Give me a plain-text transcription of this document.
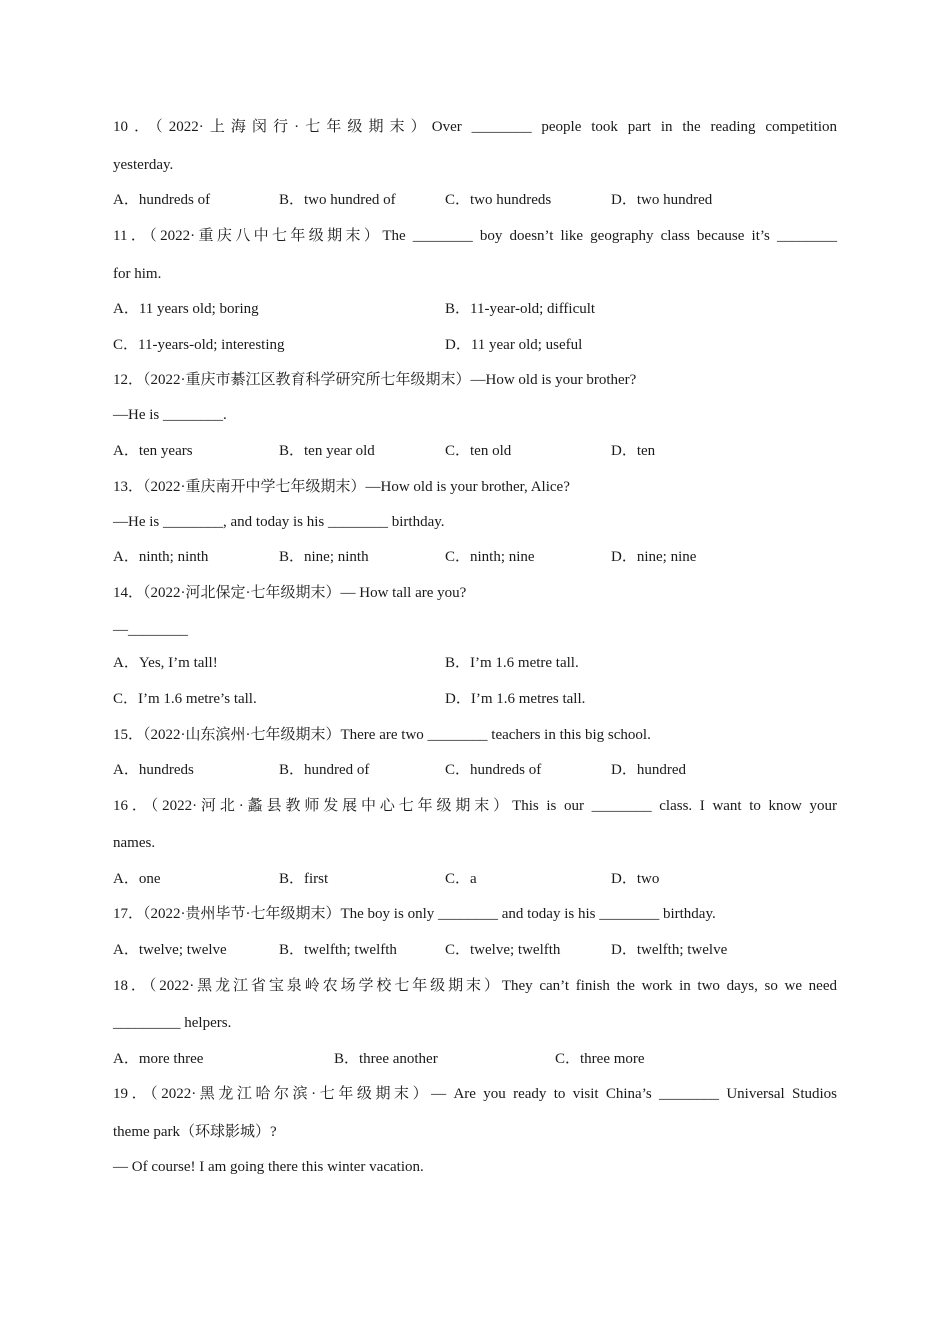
10．（2022·上海闵行·七年级期末）Over ________ people took part in the reading competition
yesterday.
A．hundreds of	B．two hundred of	C．two hundreds	D．two hundred
11．（2022·重庆八中七年级期末）The ________ boy doesn’t like geography class because it’s ________
for him.
A．11 years old; boring	B．11-year-old; difficult
C．11-years-old; interesting	D．11 year old; useful
12．（2022·重庆市綦江区教育科学研究所七年级期末）—How old is your brother?
—He is ________.
A．ten years	B．ten year old	C．ten old	D．ten
13．（2022·重庆南开中学七年级期末）—How old is your brother, Alice?
—He is ________, and today is his ________ birthday.
A．ninth; ninth	B．nine; ninth	C．ninth; nine	D．nine; nine
14．（2022·河北保定·七年级期末）— How tall are you?
—________
A．Yes, I’m tall!	B．I’m 1.6 metre tall.
C．I’m 1.6 metre’s tall.	D．I’m 1.6 metres tall.
15．（2022·山东滨州·七年级期末）There are two ________ teachers in this big school.
A．hundreds	B．hundred of	C．hundreds of	D．hundred
16．（2022·河北·蠡县教师发展中心七年级期末）This is our ________ class. I want to know your
names.
A．one	B．first	C．a	D．two
17．（2022·贵州毕节·七年级期末）The boy is only ________ and today is his ________ birthday.
A．twelve; twelve	B．twelfth; twelfth	C．twelve; twelfth	D．twelfth; twelve
18．（2022·黑龙江省宝泉岭农场学校七年级期末）They can’t finish the work in two days, so we need
_________ helpers.
A．more three	B．three another	C．three more
19．（2022·黑龙江哈尔滨·七年级期末）— Are you ready to visit China’s ________ Universal Studios
theme park（环球影城）?
— Of course! I am going there this winter vacation.
